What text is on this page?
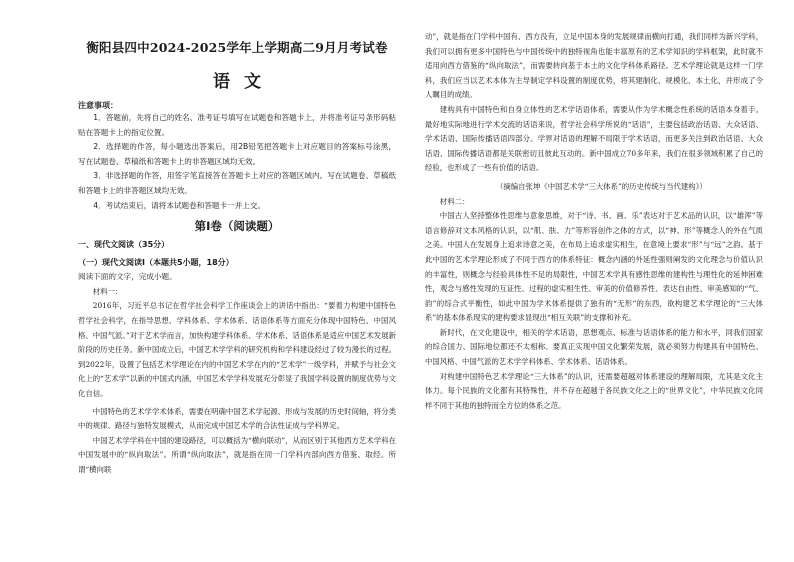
衡阳县四中2024-2025学年上学期高二9月月考试卷
语文
注意事项：

1．答题前，先将自己的姓名、准考证号填写在试题卷和答题卡上，并将准考证号条形码粘贴在答题卡上的指定位置。

2．选择题的作答，每小题选出答案后，用2B铅笔把答题卡上对应题目的答案标号涂黑，写在试题卷、草稿纸和答题卡上的非答题区域均无效。

3．非选择题的作答，用签字笔直接答在答题卡上对应的答题区域内。写在试题卷、草稿纸和答题卡上的非答题区域均无效。

4．考试结束后，请将本试题卷和答题卡一并上交。

第Ⅰ卷（阅读题）
一、现代文阅读（35分）
（一）现代文阅读Ⅰ（本题共5小题，18分）

阅读下面的文字，完成小题。

材料一：

2016年，习近平总书记在哲学社会科学工作座谈会上的讲话中指出：“要着力构建中国特色哲学社会科学，在指导思想、学科体系、学术体系、话语体系等方面充分体现中国特色、中国风格、中国气派。”对于艺术学而言，加快构建学科体系、学术体系、话语体系是适应中国艺术发展新阶段的历史任务。新中国成立后，中国艺术学学科的研究机构和学科建设经过了较为漫长的过程。到2022年，设置了包括艺术学理论在内的中国艺术学在内的“艺术学”一级学科，并赋予与社会文化上的“艺术学”以新的中国式内涵，中国艺术学学科发展充分彰显了我国学科设置的制度优势与文化自信。

中国特色的艺术学学术体系，需要在明确中国艺术学起源、形成与发展的历史时间轴，将分类中的规律、路径与独特发展模式，从而完成中国艺术学的合法性证成与学科界定。

中国艺术学学科在中国的建设路径，可以概括为“横向联动”，从而区别于其他西方艺术学科在中国发展中的“纵向取法”。所谓“纵向取法”，就是指在同一门学科内部向西方借鉴、取经。所谓“横向联

动”，就是指在门学科中国有、西方没有，立足中国本身的发展规律而横向打通，我们同样为新兴学科，我们可以拥有更多中国特色与中国传统中的独特视角也能丰富原有的艺术学知识的学科框架，此时就不适用向西方借鉴的“纵向取法”，而需要转向基于本土的文化学科体系路径。艺术学理论就是这样一门学科，我们应当以艺术本体为主导制定学科设置的制度优势，将其建制化、规模化、本土化，并形成了令人瞩目的成绩。

建构具有中国特色和自身立体性的艺术学话语体系，需要从作为学术概念性系统的话语本身着手。最好地实际地进行学术交流的话语来说，哲学社会科学所说的“话语”，主要包括政治话语、大众话语、学术话语、国际传播话语四部分。学界对话语的理解不局限于学术话语，而更多关注到政治话语、大众话语、国际传播话语都是关联密切且彼此互动的。新中国成立70多年来，我们在很多领域积累了自己的经验，也形成了一些有价值的话语。

（摘编自张坤《中国艺术学“三大体系”的历史传统与当代建构》）

材料二：

中国古人坚持整体性思维与意象思维，对于“诗、书、画、乐”表达对于艺术品的认识，以“雄浑”等语言修辞对文本风格的认识，以“肌、肤、力”等形容创作之体的方式，以“神、形”等概念人的外在气质之美。中国人在发展身上追求诗意之美，在布局上追求虚实相生，在意境上要求“形”与“远”之韵。基于此中国的艺术学理论形成了不同于西方的体系特征：概念内涵的外延性强则阐发的文化理念与价值认识的丰富性，则概念与经验具体性不足的局限性，中国艺术学具有感性思维的建构性与理性化的延伸困难性，观念与感性发现的互证性、过程的虚实相生性、审美的价值修养性、表达自由性、审美感知的“气、韵”的综合式平衡性，如此中国为学术体系提供了独有的“无形”的东西，欲构建艺术学理论的“三大体系”的基本体系现实的建构要求显现出“相互关联”的支撑和补充。

新时代，在文化建设中，相关的学术话语，思想观点、标准与话语体系的能力和水平，同我们国家的综合国力、国际地位都还不太相称。要真正实现中国文化繁荣发展，就必须努力构建具有中国特色、中国风格、中国气派的艺术学学科体系、学术体系、话语体系。

对构建中国特色艺术学理论“三大体系”的认识，还需要超越对体系建设的理解局限，尤其是文化主体力。每个民族的文化都有其特殊性，并不存在超越于各民族文化之上的“世界文化”，中华民族文化同样不同于其他的独特而全方位的体系之范。
